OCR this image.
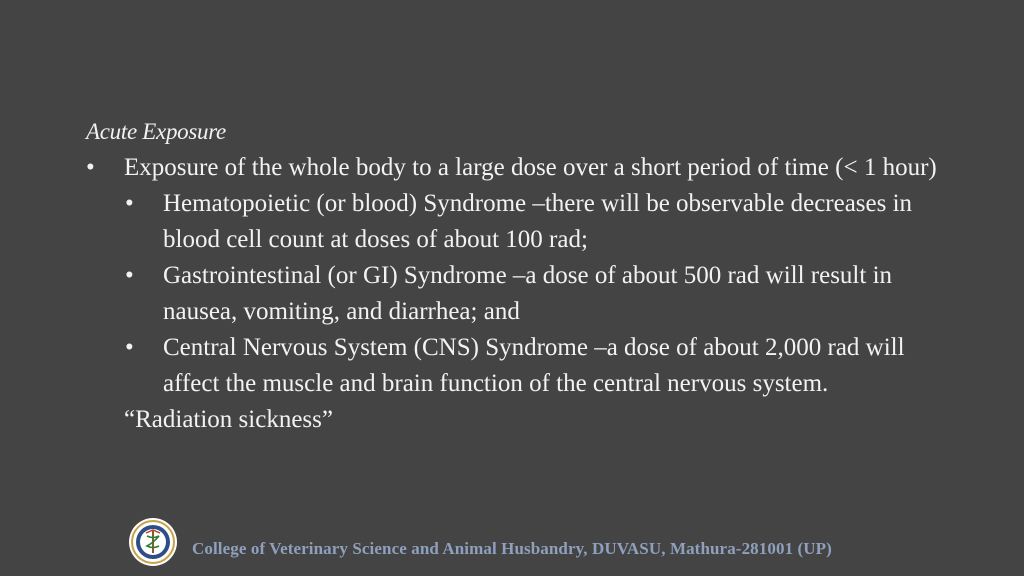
Acute Exposure

• Exposure of the whole body to a large dose over a short period of time (< 1 hour)

• Hematopoietic (or blood) Syndrome –there will be observable decreases in blood cell count at doses of about 100 rad;

• Gastrointestinal (or GI) Syndrome –a dose of about 500 rad will result in nausea, vomiting, and diarrhea; and

• Central Nervous System (CNS) Syndrome –a dose of about 2,000 rad will affect the muscle and brain function of the central nervous system.

“Radiation sickness”

College of Veterinary Science and Animal Husbandry, DUVASU, Mathura-281001 (UP)
